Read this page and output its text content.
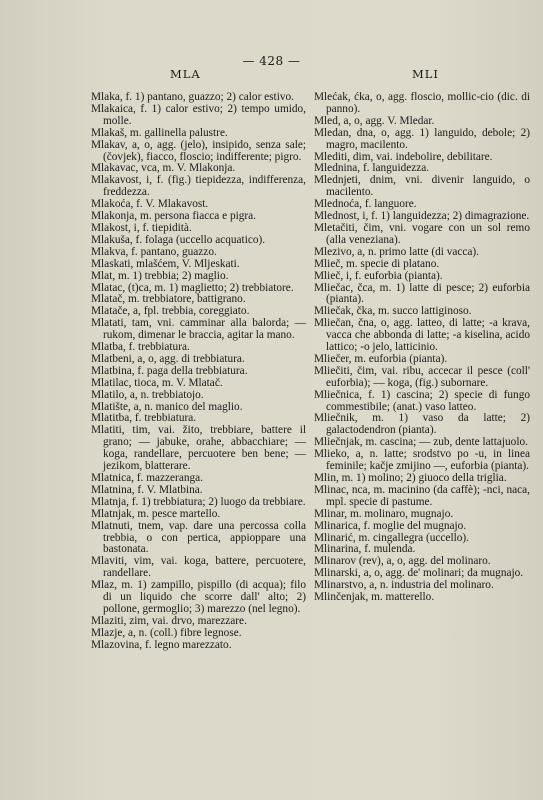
— 428 —
MLA	MLI

Mlaka, f. 1) pantano, guazzo; 2) calor estivo.

Mlakaica, f. 1) calor estivo; 2) tempo umido, molle.

Mlakaš, m. gallinella palustre.

Mlakav, a, o, agg. (jelo), insipido, senza sale; (čovjek), fiacco, floscio; indifferente; pigro.

Mlakavac, vca, m. V. Mlakonja.

Mlakavost, i, f. (fig.) tiepidezza, indifferenza, freddezza.

Mlakoća, f. V. Mlakavost.

Mlakonja, m. persona fiacca e pigra.

Mlakost, i, f. tiepidità.

Mlakuša, f. folaga (uccello acquatico).

Mlakva, f. pantano, guazzo.

Mlaskati, mlašćem, V. Mljeskati.

Mlat, m. 1) trebbia; 2) maglio.

Mlatac, (t)ca, m. 1) maglietto; 2) trebbiatore.

Mlatač, m. trebbiatore, battigrano.

Mlatače, a, fpl. trebbia, coreggiato.

Mlatati, tam, vni. camminar alla balorda; — rukom, dimenar le braccia, agitar la mano.

Mlatba, f. trebbiatura.

Mlatbeni, a, o, agg. di trebbiatura.

Mlatbina, f. paga della trebbiatura.

Mlatilac, tioca, m. V. Mlatač.

Mlatilo, a, n. trebbiatojo.

Mlatište, a, n. manico del maglio.

Mlatitba, f. trebbiatura.

Mlatiti, tim, vai. žito, trebbiare, battere il grano; — jabuke, orahe, abbacchiare; — koga, randellare, percuotere ben bene; — jezikom, blatterare.

Mlatnica, f. mazzeranga.

Mlatnina, f. V. Mlatbina.

Mlatnja, f. 1) trebbiatura; 2) luogo da trebbiare.

Mlatnjak, m. pesce martello.

Mlatnuti, tnem, vap. dare una percossa colla trebbia, o con pertica, appioppare una bastonata.

Mlaviti, vim, vai. koga, battere, percuotere, randellare.

Mlaz, m. 1) zampillo, pispillo (di acqua); filo di un liquido che scorre dall' alto; 2) pollone, germoglio; 3) marezzo (nel legno).

Mlaziti, zim, vai. drvo, marezzare.

Mlazje, a, n. (coll.) fibre legnose.

Mlazovina, f. legno marezzato.

Mlećak, ćka, o, agg. floscio, mollic-cio (dic. di panno).

Mled, a, o, agg. V. Mledar.

Mledan, dna, o, agg. 1) languido, debole; 2) magro, macilento.

Mlediti, dim, vai. indebolire, debilitare.

Mlednina, f. languidezza.

Mlednjeti, dnim, vni. divenir languido, o macilento.

Mlednoća, f. languore.

Mlednost, i, f. 1) languidezza; 2) dimagrazione.

Mletačiti, čim, vni. vogare con un sol remo (alla veneziana).

Mlezivo, a, n. primo latte (di vacca).

Mlieč, m. specie di platano.

Mlieč, i, f. euforbia (pianta).

Mliečac, čca, m. 1) latte di pesce; 2) euforbia (pianta).

Mliečak, čka, m. succo lattiginoso.

Mliečan, čna, o, agg. latteo, di latte; -a krava, vacca che abbonda di latte; -a kiselina, acido lattico; -o jelo, latticinio.

Mliečer, m. euforbia (pianta).

Mliečiti, čim, vai. ribu, accecar il pesce (coll' euforbia); — koga, (fig.) subornare.

Mliečnica, f. 1) cascina; 2) specie di fungo commestibile; (anat.) vaso latteo.

Mliečnik, m. 1) vaso da latte; 2) galactodendron (pianta).

Mliečnjak, m. cascina; — zub, dente lattajuolo.

Mlieko, a, n. latte; srodstvo po -u, in linea feminile; kačje zmijino —, euforbia (pianta).

Mlin, m. 1) molino; 2) giuoco della triglia.

Mlinac, nca, m. macinino (da caffè); -nci, naca, mpl. specie di pastume.

Mlinar, m. molinaro, mugnajo.

Mlinarica, f. moglie del mugnajo.

Mlinarić, m. cingallegra (uccello).

Mlinarina, f. mulenda.

Mlinarov (rev), a, o, agg. del molinaro.

Mlinarski, a, o, agg. de' molinari; da mugnajo.

Mlinarstvo, a, n. industria del molinaro.

Mlinčenjak, m. matterello.
